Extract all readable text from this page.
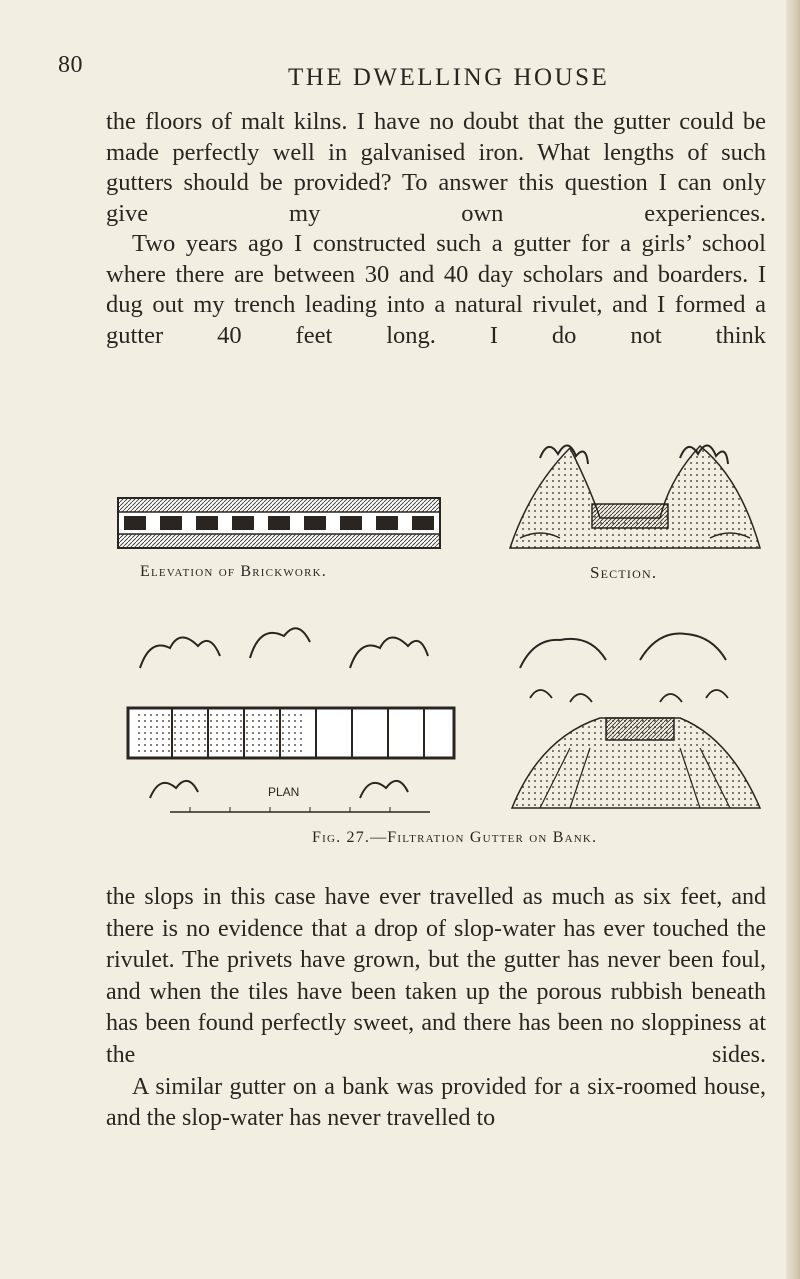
80	THE DWELLING HOUSE

the floors of malt kilns. I have no doubt that the gutter could be made perfectly well in galvanised iron. What lengths of such gutters should be provided? To answer this question I can only give my own experiences.

Two years ago I constructed such a gutter for a girls’ school where there are between 30 and 40 day scholars and boarders. I dug out my trench leading into a natural rivulet, and I formed a gutter 40 feet long. I do not think

PLAN
Elevation of Brickwork.	Section.
Fig. 27.—Filtration Gutter on Bank.

the slops in this case have ever travelled as much as six feet, and there is no evidence that a drop of slop-water has ever touched the rivulet. The privets have grown, but the gutter has never been foul, and when the tiles have been taken up the porous rubbish beneath has been found perfectly sweet, and there has been no sloppiness at the sides.

A similar gutter on a bank was provided for a six-roomed house, and the slop-water has never travelled to
